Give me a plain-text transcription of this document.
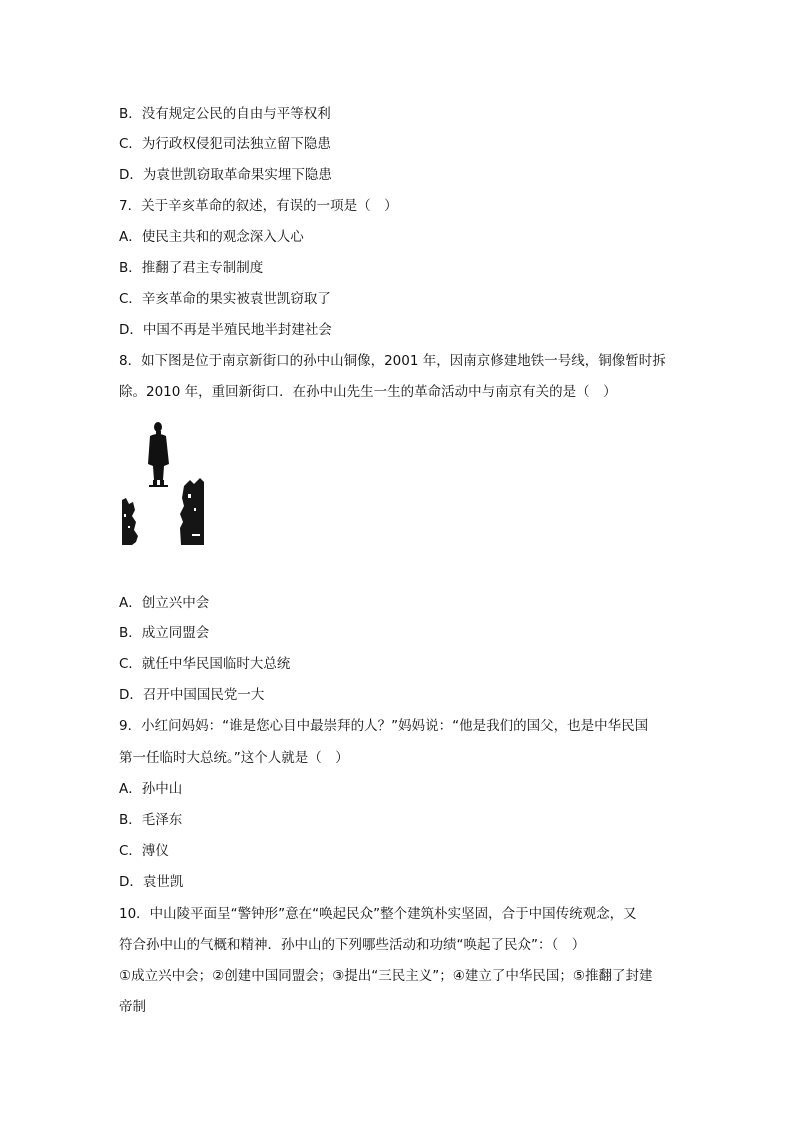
B．没有规定公民的自由与平等权利
C．为行政权侵犯司法独立留下隐患
D．为袁世凯窃取革命果实埋下隐患
7．关于辛亥革命的叙述，有误的一项是（　）
A．使民主共和的观念深入人心
B．推翻了君主专制制度
C．辛亥革命的果实被袁世凯窃取了
D．中国不再是半殖民地半封建社会
8．如下图是位于南京新街口的孙中山铜像，2001 年，因南京修建地铁一号线，铜像暂时拆
除。2010 年，重回新街口．在孙中山先生一生的革命活动中与南京有关的是（　）
A．创立兴中会
B．成立同盟会
C．就任中华民国临时大总统
D．召开中国国民党一大
9．小红问妈妈：“谁是您心目中最崇拜的人？”妈妈说：“他是我们的国父，也是中华民国
第一任临时大总统。”这个人就是（　）
A．孙中山
B．毛泽东
C．溥仪
D．袁世凯
10．中山陵平面呈“警钟形”意在“唤起民众”整个建筑朴实坚固，合于中国传统观念，又
符合孙中山的气概和精神．孙中山的下列哪些活动和功绩“唤起了民众”：（　）
①成立兴中会；②创建中国同盟会；③提出“三民主义”；④建立了中华民国；⑤推翻了封建
帝制
